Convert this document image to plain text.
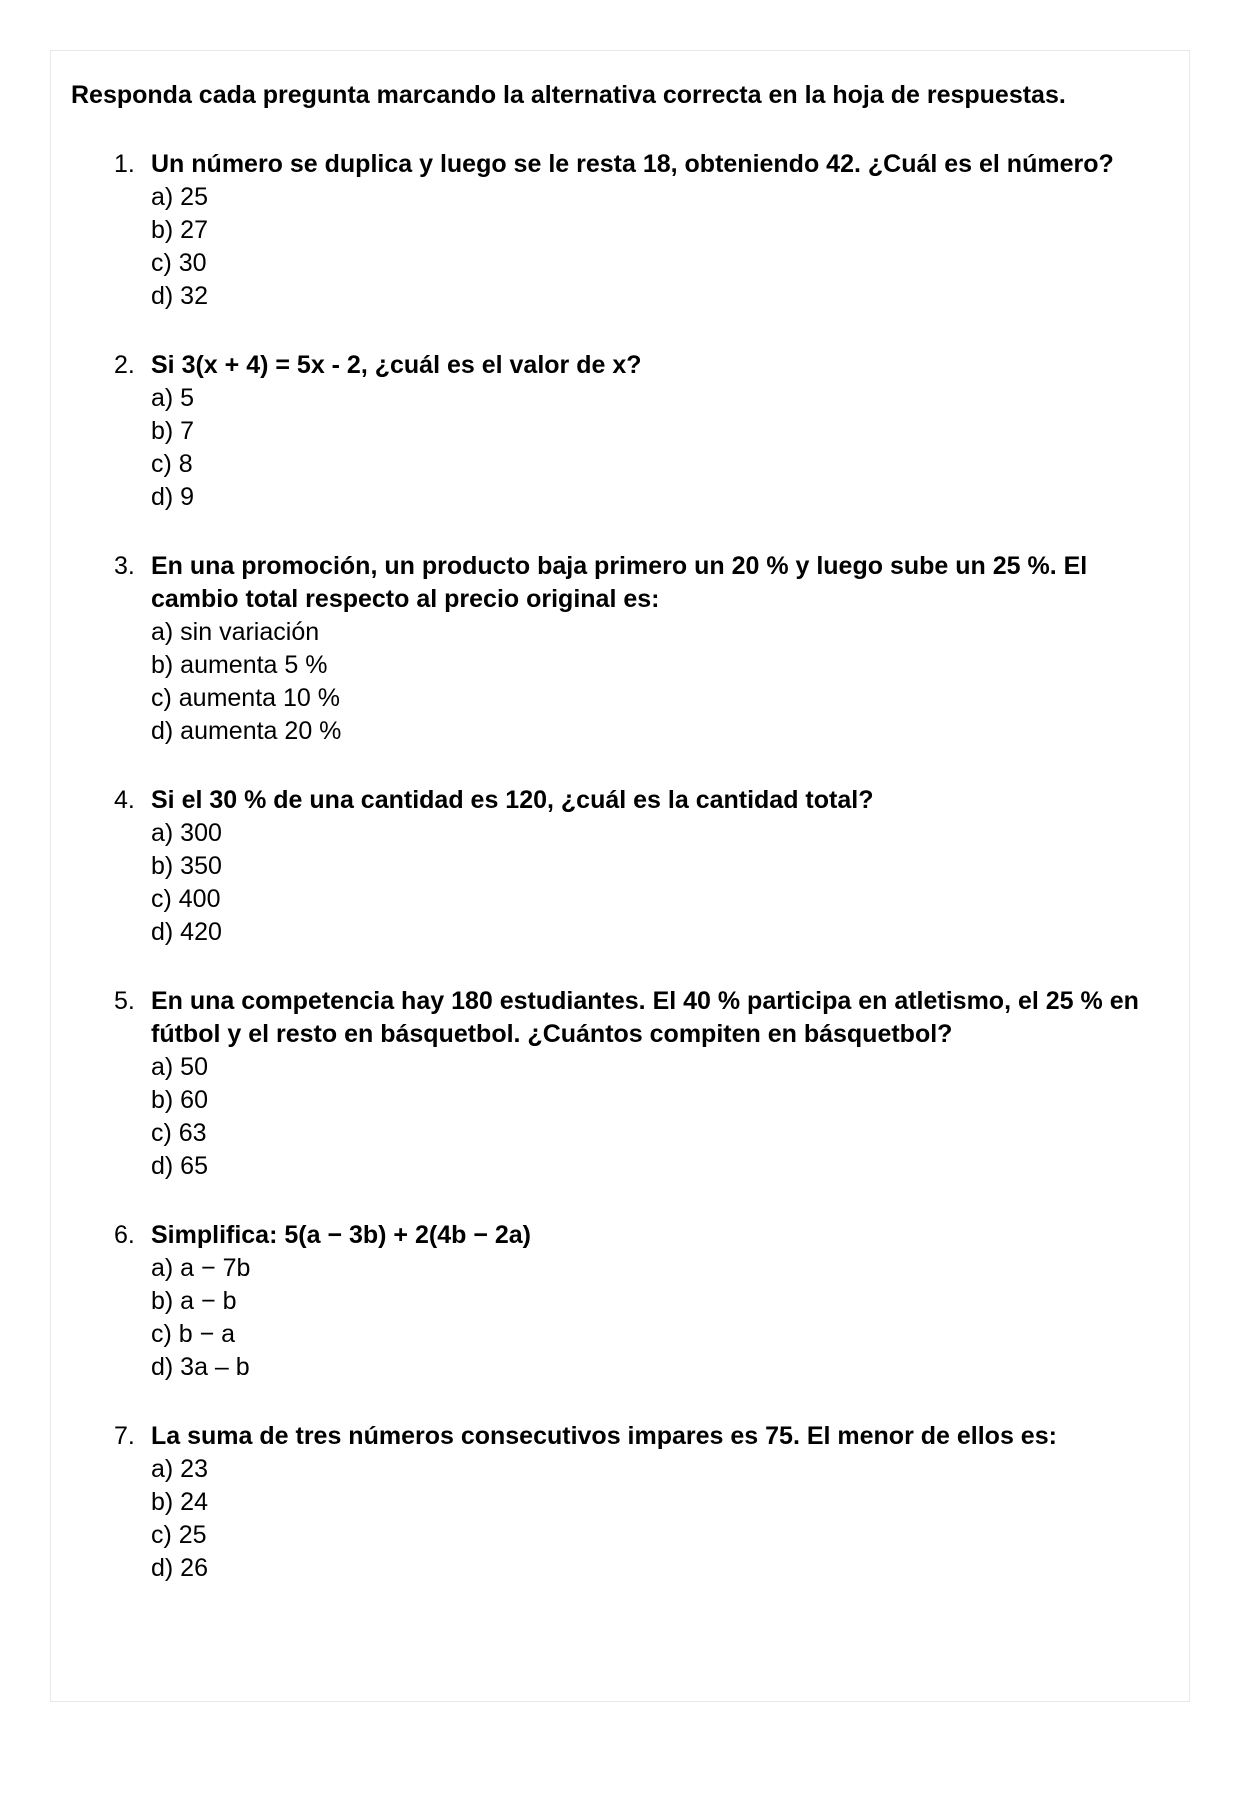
Responda cada pregunta marcando la alternativa correcta en la hoja de respuestas.
1. Un número se duplica y luego se le resta 18, obteniendo 42. ¿Cuál es el número?
a) 25
b) 27
c) 30
d) 32
2. Si 3(x + 4) = 5x - 2, ¿cuál es el valor de x?
a) 5
b) 7
c) 8
d) 9
3. En una promoción, un producto baja primero un 20 % y luego sube un 25 %. El cambio total respecto al precio original es:
a) sin variación
b) aumenta 5 %
c) aumenta 10 %
d) aumenta 20 %
4. Si el 30 % de una cantidad es 120, ¿cuál es la cantidad total?
a) 300
b) 350
c) 400
d) 420
5. En una competencia hay 180 estudiantes. El 40 % participa en atletismo, el 25 % en fútbol y el resto en básquetbol. ¿Cuántos compiten en básquetbol?
a) 50
b) 60
c) 63
d) 65
6. Simplifica: 5(a − 3b) + 2(4b − 2a)
a) a − 7b
b) a − b
c) b − a
d) 3a – b
7. La suma de tres números consecutivos impares es 75. El menor de ellos es:
a) 23
b) 24
c) 25
d) 26
